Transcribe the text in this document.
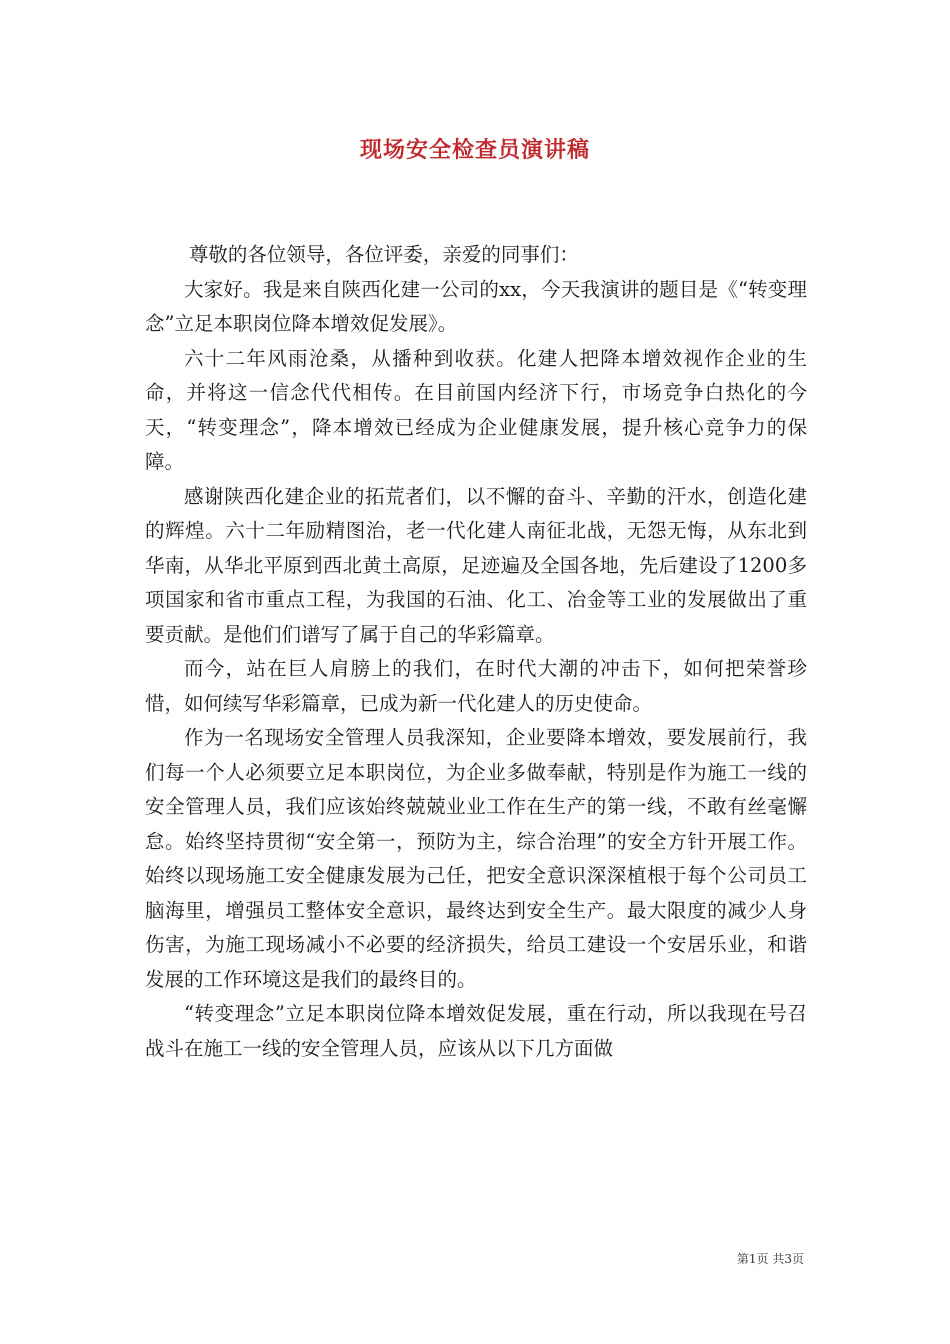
现场安全检查员演讲稿

尊敬的各位领导，各位评委，亲爱的同事们：

大家好。我是来自陕西化建一公司的xx，今天我演讲的题目是《“转变理念”立足本职岗位降本增效促发展》。

六十二年风雨沧桑，从播种到收获。化建人把降本增效视作企业的生命，并将这一信念代代相传。在目前国内经济下行，市场竞争白热化的今天，“转变理念”，降本增效已经成为企业健康发展，提升核心竞争力的保障。

感谢陕西化建企业的拓荒者们，以不懈的奋斗、辛勤的汗水，创造化建的辉煌。六十二年励精图治，老一代化建人南征北战，无怨无悔，从东北到华南，从华北平原到西北黄土高原，足迹遍及全国各地，先后建设了1200多项国家和省市重点工程，为我国的石油、化工、冶金等工业的发展做出了重要贡献。是他们们谱写了属于自己的华彩篇章。

而今，站在巨人肩膀上的我们，在时代大潮的冲击下，如何把荣誉珍惜，如何续写华彩篇章，已成为新一代化建人的历史使命。

作为一名现场安全管理人员我深知，企业要降本增效，要发展前行，我们每一个人必须要立足本职岗位，为企业多做奉献，特别是作为施工一线的安全管理人员，我们应该始终兢兢业业工作在生产的第一线，不敢有丝毫懈怠。始终坚持贯彻“安全第一，预防为主，综合治理”的安全方针开展工作。始终以现场施工安全健康发展为己任，把安全意识深深植根于每个公司员工脑海里，增强员工整体安全意识，最终达到安全生产。最大限度的减少人身伤害，为施工现场减小不必要的经济损失，给员工建设一个安居乐业，和谐发展的工作环境这是我们的最终目的。

“转变理念”立足本职岗位降本增效促发展，重在行动，所以我现在号召战斗在施工一线的安全管理人员，应该从以下几方面做

第1页 共3页
